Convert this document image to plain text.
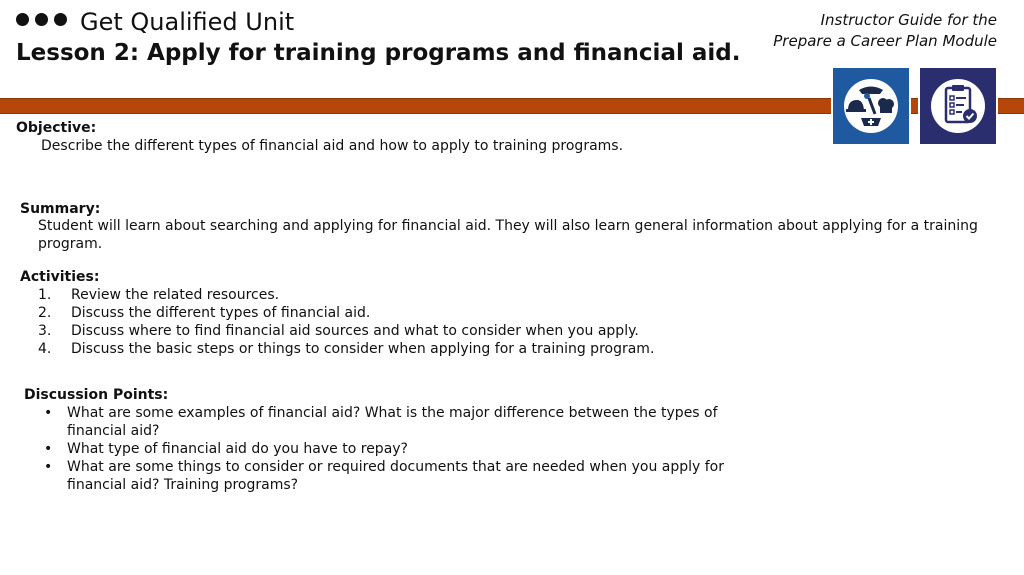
Get Qualified Unit
Lesson 2: Apply for training programs and financial aid.
Instructor Guide for the
Prepare a Career Plan Module
Objective:
Describe the different types of financial aid and how to apply to training programs.
Summary:
Student will learn about searching and applying for financial aid. They will also learn general information about applying for a training
program.
Activities:
1. Review the related resources.
2. Discuss the different types of financial aid.
3. Discuss where to find financial aid sources and what to consider when you apply.
4. Discuss the basic steps or things to consider when applying for a training program.
Discussion Points:
• What are some examples of financial aid? What is the major difference between the types of
financial aid?
• What type of financial aid do you have to repay?
• What are some things to consider or required documents that are needed when you apply for
financial aid? Training programs?
